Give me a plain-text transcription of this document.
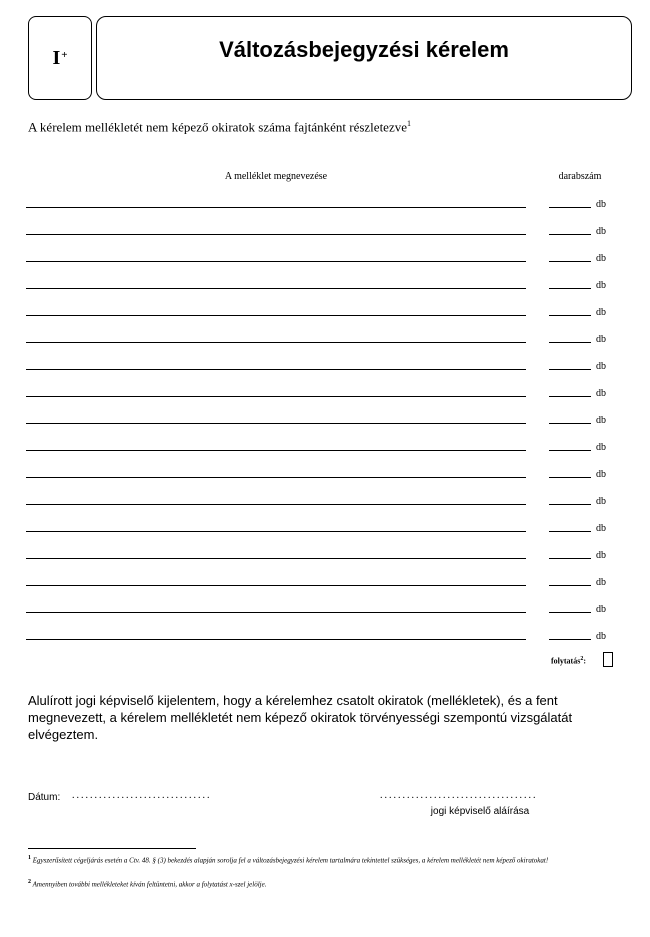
I+	Változásbejegyzési kérelem
A kérelem mellékletét nem képező okiratok száma fajtánként részletezve$^1$
A melléklet megnevezése	darabszám
db
db
db
db
db
db
db
db
db
db
db
db
db
db
db
db
db
folytatás$^2$:
Alulírott jogi képviselő kijelentem, hogy a kérelemhez csatolt okiratok (mellékletek), és a fent megnevezett, a kérelem mellékletét nem képező okiratok törvényességi szempontú vizsgálatát elvégeztem.
Dátum: ...............................	...................................
jogi képviselő aláírása
$^1$ Egyszerűsített cégeljárás esetén a Ctv. 48. § (3) bekezdés alapján sorolja fel a változásbejegyzési kérelem tartalmára tekintettel szükséges, a kérelem mellékletét nem képező okiratokat!
$^2$ Amennyiben további mellékleteket kíván feltüntetni, akkor a folytatást x-szel jelölje.
